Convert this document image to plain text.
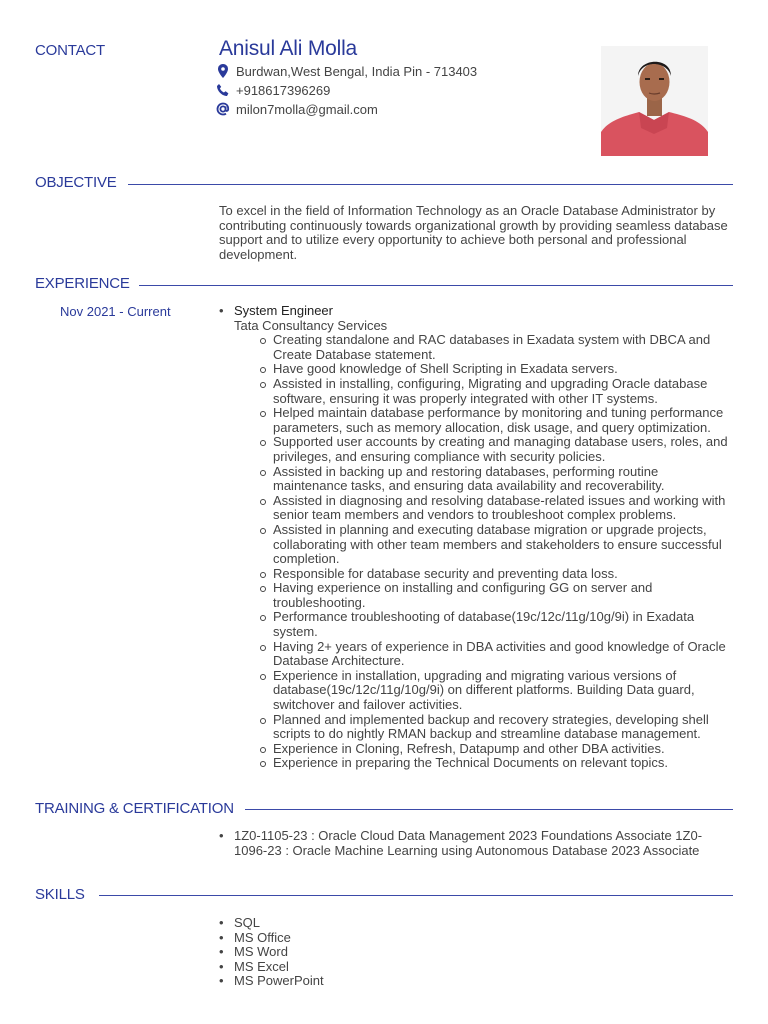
CONTACT	Anisul Ali Molla
Burdwan,West Bengal, India Pin - 713403
+918617396269
milon7molla@gmail.com
OBJECTIVE
To excel in the field of Information Technology as an Oracle Database Administrator by contributing continuously towards organizational growth by providing seamless database support and to utilize every opportunity to achieve both personal and professional development.
EXPERIENCE
Nov 2021 - Current
•	System Engineer
Tata Consultancy Services
Creating standalone and RAC databases in Exadata system with DBCA and Create Database statement.
Have good knowledge of Shell Scripting in Exadata servers.
Assisted in installing, configuring, Migrating and upgrading Oracle database software, ensuring it was properly integrated with other IT systems.
Helped maintain database performance by monitoring and tuning performance parameters, such as memory allocation, disk usage, and query optimization.
Supported user accounts by creating and managing database users, roles, and privileges, and ensuring compliance with security policies.
Assisted in backing up and restoring databases, performing routine maintenance tasks, and ensuring data availability and recoverability.
Assisted in diagnosing and resolving database-related issues and working with senior team members and vendors to troubleshoot complex problems.
Assisted in planning and executing database migration or upgrade projects, collaborating with other team members and stakeholders to ensure successful completion.
Responsible for database security and preventing data loss.
Having experience on installing and configuring GG on server and troubleshooting.
Performance troubleshooting of database(19c/12c/11g/10g/9i) in Exadata system.
Having 2+ years of experience in DBA activities and good knowledge of Oracle Database Architecture.
Experience in installation, upgrading and migrating various versions of database(19c/12c/11g/10g/9i) on different platforms. Building Data guard, switchover and failover activities.
Planned and implemented backup and recovery strategies, developing shell scripts to do nightly RMAN backup and streamline database management.
Experience in Cloning, Refresh, Datapump and other DBA activities.
Experience in preparing the Technical Documents on relevant topics.
TRAINING & CERTIFICATION
• 1Z0-1105-23 : Oracle Cloud Data Management 2023 Foundations Associate 1Z0-1096-23 : Oracle Machine Learning using Autonomous Database 2023 Associate
SKILLS
• SQL
• MS Office
• MS Word
• MS Excel
• MS PowerPoint
